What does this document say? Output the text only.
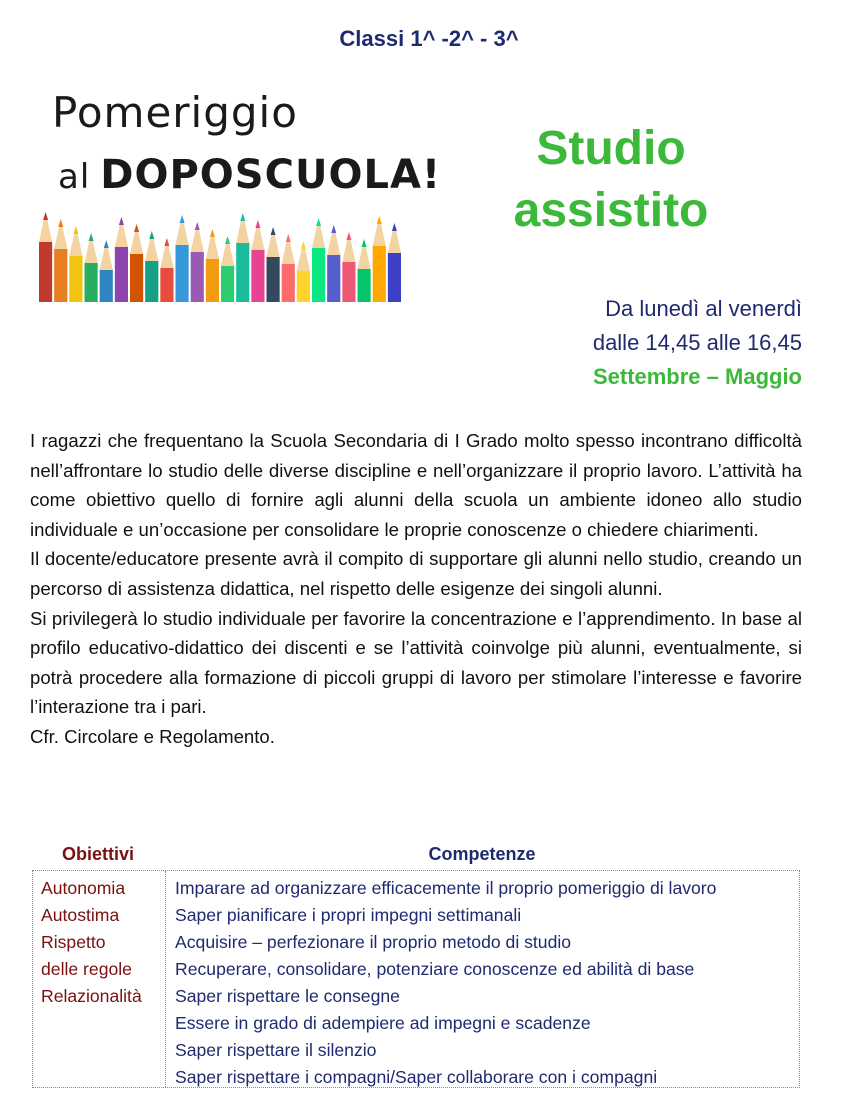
Classi 1^ -2^ - 3^
Pomeriggio
al DOPOSCUOLA!	Studio
assistito
Da lunedì al venerdì
dalle 14,45 alle 16,45
Settembre – Maggio

I ragazzi che frequentano la Scuola Secondaria di I Grado molto spesso incontrano difficoltà nell’affrontare lo studio delle diverse discipline e nell’organizzare il proprio lavoro. L’attività ha come obiettivo quello di fornire agli alunni della scuola un ambiente idoneo allo studio individuale e un’occasione per consolidare le proprie conoscenze o chiedere chiarimenti.

Il docente/educatore presente avrà il compito di supportare gli alunni nello studio, creando un percorso di assistenza didattica, nel rispetto delle esigenze dei singoli alunni.

Si privilegerà lo studio individuale per favorire la concentrazione e l’apprendimento. In base al profilo educativo-didattico dei discenti e se l’attività coinvolge più alunni, eventualmente, si potrà procedere alla formazione di piccoli gruppi di lavoro per stimolare l’interesse e favorire l’interazione tra i pari.

Cfr. Circolare e Regolamento.

Obiettivi	Competenze
Autonomia
Autostima
Rispetto
delle regole
Relazionalità
Imparare ad organizzare efficacemente il proprio pomeriggio di lavoro
Saper pianificare i propri impegni settimanali
Acquisire – perfezionare il proprio metodo di studio
Recuperare, consolidare, potenziare conoscenze ed abilità di base
Saper rispettare le consegne
Essere in grado di adempiere ad impegni e scadenze
Saper rispettare il silenzio
Saper rispettare i compagni/Saper collaborare con i compagni
